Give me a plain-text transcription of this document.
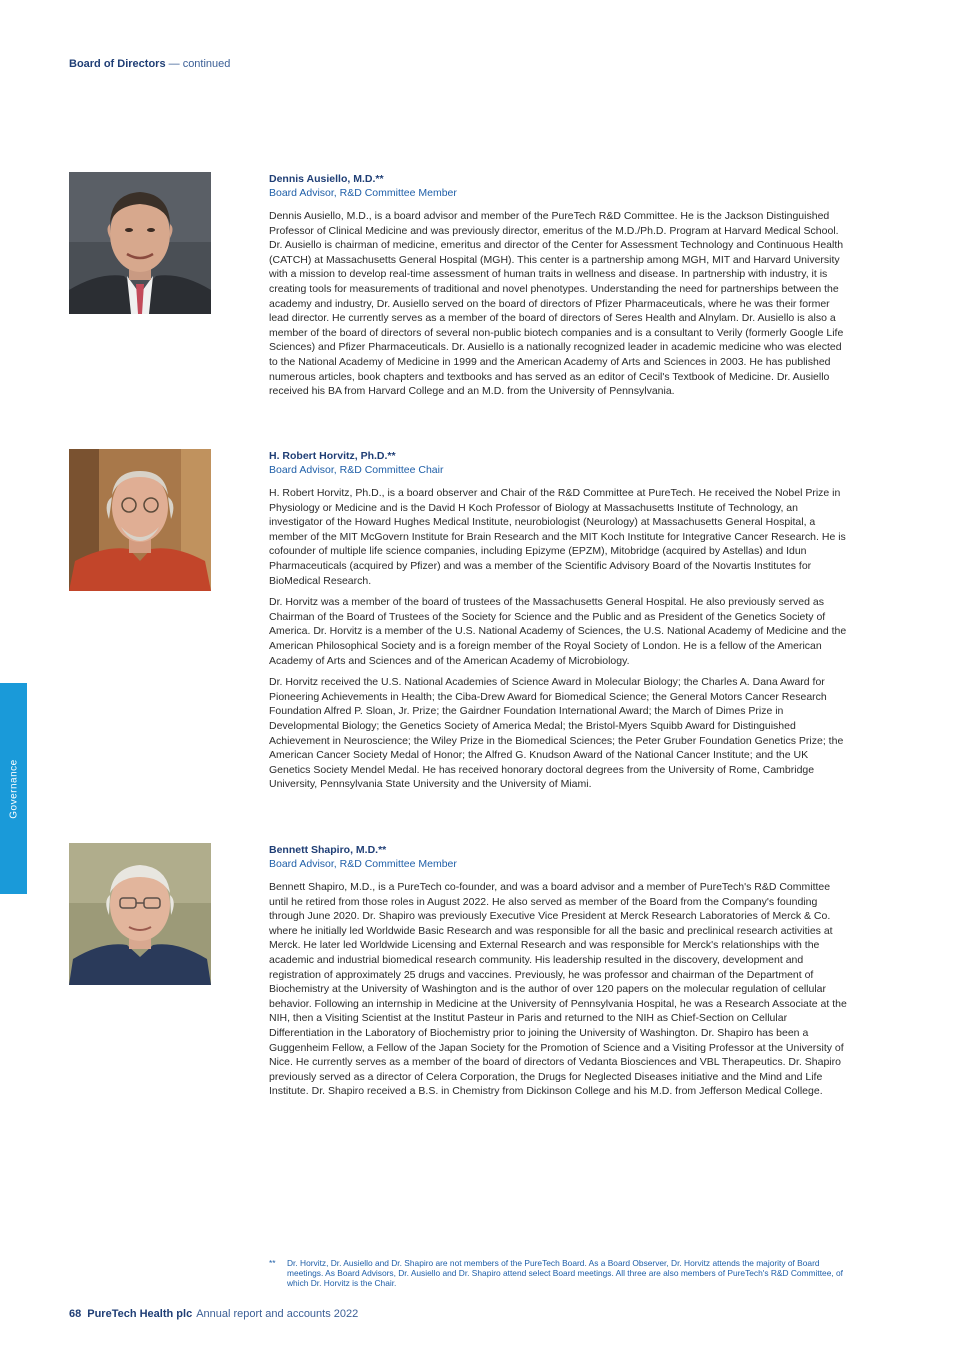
Board of Directors — continued
Governance
Dennis Ausiello, M.D.**
Board Advisor, R&D Committee Member

Dennis Ausiello, M.D., is a board advisor and member of the PureTech R&D Committee. He is the Jackson Distinguished Professor of Clinical Medicine and was previously director, emeritus of the M.D./Ph.D. Program at Harvard Medical School. Dr. Ausiello is chairman of medicine, emeritus and director of the Center for Assessment Technology and Continuous Health (CATCH) at Massachusetts General Hospital (MGH). This center is a partnership among MGH, MIT and Harvard University with a mission to develop real-time assessment of human traits in wellness and disease. In partnership with industry, it is creating tools for measurements of traditional and novel phenotypes. Understanding the need for partnerships between the academy and industry, Dr. Ausiello served on the board of directors of Pfizer Pharmaceuticals, where he was their former lead director. He currently serves as a member of the board of directors of Seres Health and Alnylam. Dr. Ausiello is also a member of the board of directors of several non-public biotech companies and is a consultant to Verily (formerly Google Life Sciences) and Pfizer Pharmaceuticals. Dr. Ausiello is a nationally recognized leader in academic medicine who was elected to the National Academy of Medicine in 1999 and the American Academy of Arts and Sciences in 2003. He has published numerous articles, book chapters and textbooks and has served as an editor of Cecil's Textbook of Medicine. Dr. Ausiello received his BA from Harvard College and an M.D. from the University of Pennsylvania.

H. Robert Horvitz, Ph.D.**
Board Advisor, R&D Committee Chair

H. Robert Horvitz, Ph.D., is a board observer and Chair of the R&D Committee at PureTech. He received the Nobel Prize in Physiology or Medicine and is the David H Koch Professor of Biology at Massachusetts Institute of Technology, an investigator of the Howard Hughes Medical Institute, neurobiologist (Neurology) at Massachusetts General Hospital, a member of the MIT McGovern Institute for Brain Research and the MIT Koch Institute for Integrative Cancer Research. He is cofounder of multiple life science companies, including Epizyme (EPZM), Mitobridge (acquired by Astellas) and Idun Pharmaceuticals (acquired by Pfizer) and was a member of the Scientific Advisory Board of the Novartis Institutes for BioMedical Research.

Dr. Horvitz was a member of the board of trustees of the Massachusetts General Hospital. He also previously served as Chairman of the Board of Trustees of the Society for Science and the Public and as President of the Genetics Society of America. Dr. Horvitz is a member of the U.S. National Academy of Sciences, the U.S. National Academy of Medicine and the American Philosophical Society and is a foreign member of the Royal Society of London. He is a fellow of the American Academy of Arts and Sciences and of the American Academy of Microbiology.

Dr. Horvitz received the U.S. National Academies of Science Award in Molecular Biology; the Charles A. Dana Award for Pioneering Achievements in Health; the Ciba-Drew Award for Biomedical Science; the General Motors Cancer Research Foundation Alfred P. Sloan, Jr. Prize; the Gairdner Foundation International Award; the March of Dimes Prize in Developmental Biology; the Genetics Society of America Medal; the Bristol-Myers Squibb Award for Distinguished Achievement in Neuroscience; the Wiley Prize in the Biomedical Sciences; the Peter Gruber Foundation Genetics Prize; the American Cancer Society Medal of Honor; the Alfred G. Knudson Award of the National Cancer Institute; and the UK Genetics Society Mendel Medal. He has received honorary doctoral degrees from the University of Rome, Cambridge University, Pennsylvania State University and the University of Miami.

Bennett Shapiro, M.D.**
Board Advisor, R&D Committee Member

Bennett Shapiro, M.D., is a PureTech co-founder, and was a board advisor and a member of PureTech's R&D Committee until he retired from those roles in August 2022. He also served as member of the Board from the Company's founding through June 2020. Dr. Shapiro was previously Executive Vice President at Merck Research Laboratories of Merck & Co. where he initially led Worldwide Basic Research and was responsible for all the basic and preclinical research activities at Merck. He later led Worldwide Licensing and External Research and was responsible for Merck's relationships with the academic and industrial biomedical research community. His leadership resulted in the discovery, development and registration of approximately 25 drugs and vaccines. Previously, he was professor and chairman of the Department of Biochemistry at the University of Washington and is the author of over 120 papers on the molecular regulation of cellular behavior. Following an internship in Medicine at the University of Pennsylvania Hospital, he was a Research Associate at the NIH, then a Visiting Scientist at the Institut Pasteur in Paris and returned to the NIH as Chief-Section on Cellular Differentiation in the Laboratory of Biochemistry prior to joining the University of Washington. Dr. Shapiro has been a Guggenheim Fellow, a Fellow of the Japan Society for the Promotion of Science and a Visiting Professor at the University of Nice. He currently serves as a member of the board of directors of Vedanta Biosciences and VBL Therapeutics. Dr. Shapiro previously served as a director of Celera Corporation, the Drugs for Neglected Diseases initiative and the Mind and Life Institute. Dr. Shapiro received a B.S. in Chemistry from Dickinson College and his M.D. from Jefferson Medical College.

** Dr. Horvitz, Dr. Ausiello and Dr. Shapiro are not members of the PureTech Board. As a Board Observer, Dr. Horvitz attends the majority of Board meetings. As Board Advisors, Dr. Ausiello and Dr. Shapiro attend select Board meetings. All three are also members of PureTech's R&D Committee, of which Dr. Horvitz is the Chair.
68 PureTech Health plc Annual report and accounts 2022
